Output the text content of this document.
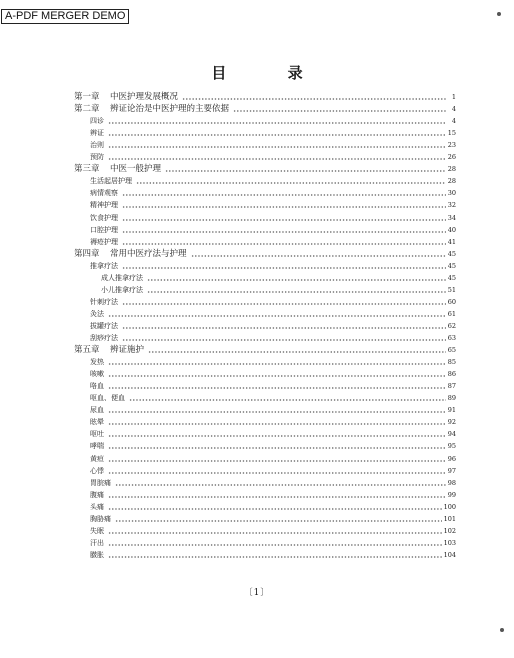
A-PDF MERGER DEMO
目 录
第一章 中医护理发展概况	1
第二章 辨证论治是中医护理的主要依据	4
四诊	4
辨证	15
治则	23
预防	26
第三章 中医一般护理	28
生活起居护理	28
病情观察	30
精神护理	32
饮食护理	34
口腔护理	40
褥疮护理	41
第四章 常用中医疗法与护理	45
推拿疗法	45
成人推拿疗法	45
小儿推拿疗法	51
针刺疗法	60
灸法	61
拔罐疗法	62
刮痧疗法	63
第五章 辨证施护	65
发热	85
咳嗽	86
咯血	87
呕血、便血	89
尿血	91
眩晕	92
呕吐	94
哮喘	95
黄疸	96
心悸	97
胃脘痛	98
腹痛	99
头痛	100
胸胁痛	101
失眠	102
汗出	103
臌胀	104
〔1〕
